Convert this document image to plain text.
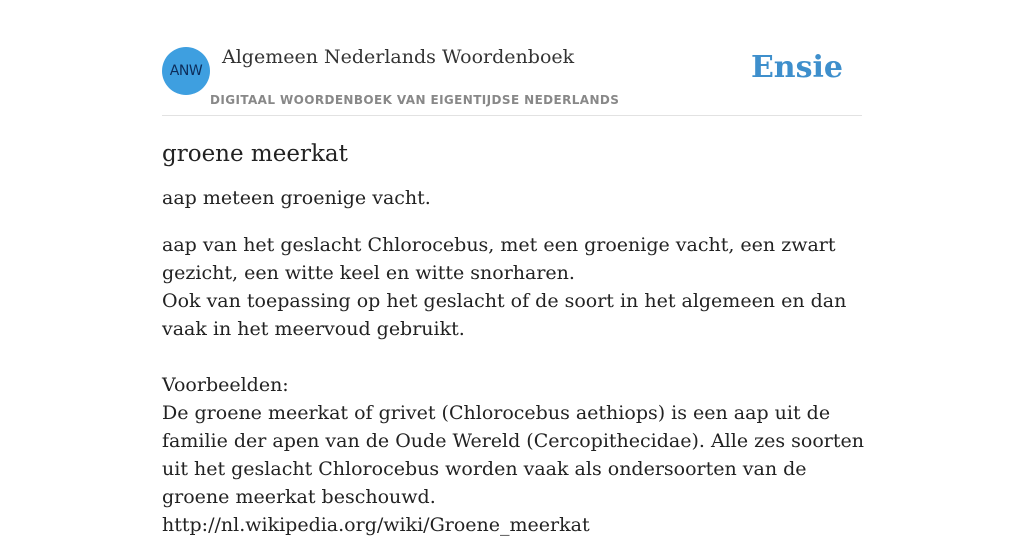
ANW
Algemeen Nederlands Woordenboek
DIGITAAL WOORDENBOEK VAN EIGENTIJDSE NEDERLANDS
Ensie
groene meerkat

aap meteen groenige vacht.

aap van het geslacht Chlorocebus, met een groenige vacht, een zwart gezicht, een witte keel en witte snorharen.
Ook van toepassing op het geslacht of de soort in het algemeen en dan vaak in het meervoud gebruikt.

Voorbeelden:
De groene meerkat of grivet (Chlorocebus aethiops) is een aap uit de familie der apen van de Oude Wereld (Cercopithecidae). Alle zes soorten uit het geslacht Chlorocebus worden vaak als ondersoorten van de groene meerkat beschouwd.
http://nl.wikipedia.org/wiki/Groene_meerkat
